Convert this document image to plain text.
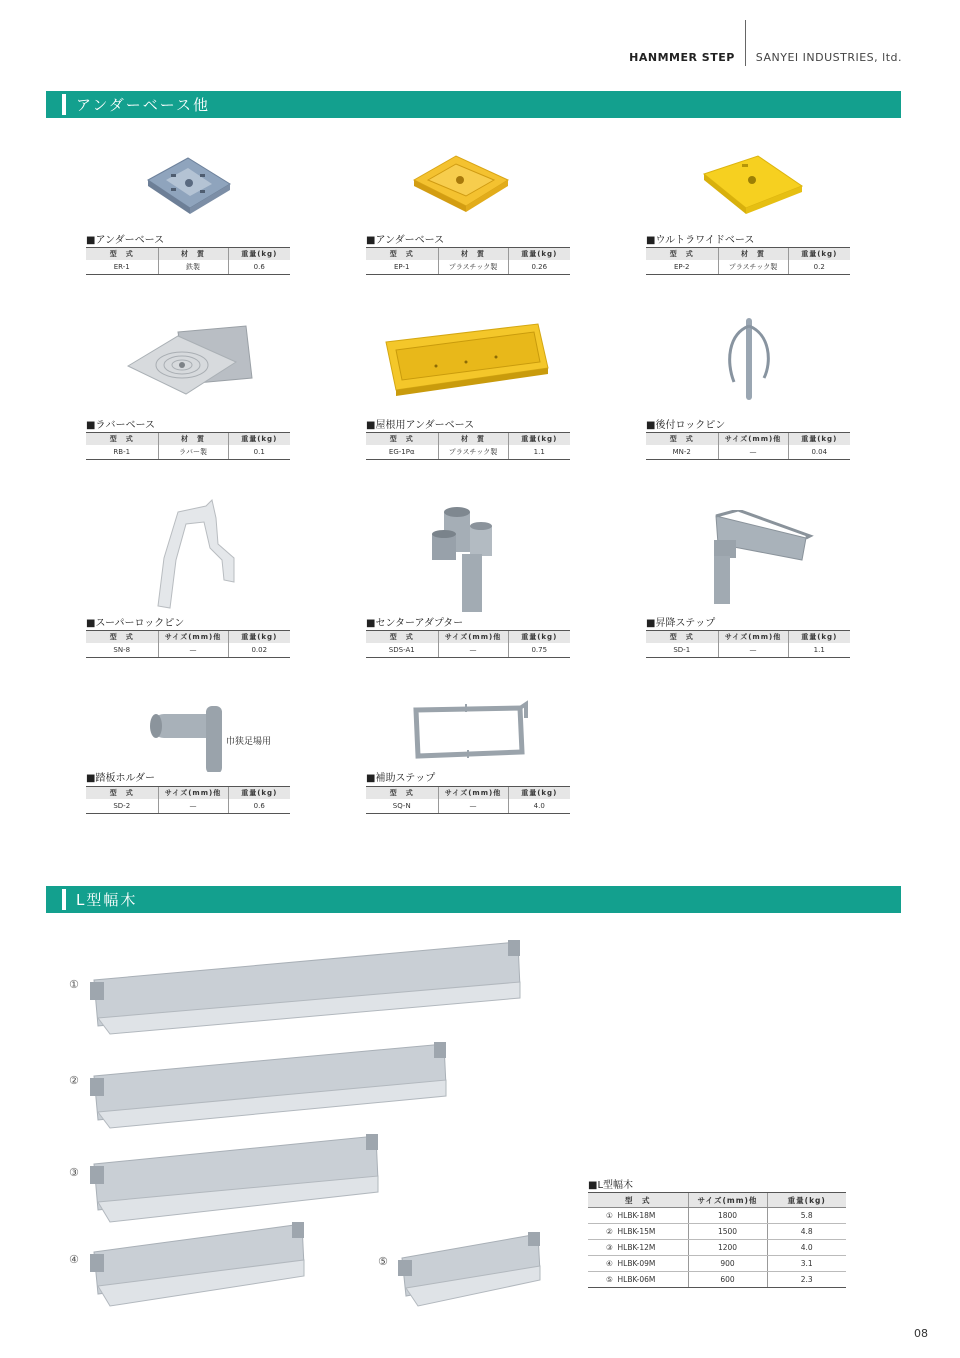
HANMMER STEP SANYEI INDUSTRIES, ltd.
アンダーベース他
■アンダーベース
型　式	材　質	重量(kg)
ER-1	鉄製	0.6
■アンダーベース
型　式	材　質	重量(kg)
EP-1	プラスチック製	0.26
■ウルトラワイドベース
型　式	材　質	重量(kg)
EP-2	プラスチック製	0.2
■ラバーベース
型　式	材　質	重量(kg)
RB-1	ラバー製	0.1
■屋根用アンダーベース
型　式	材　質	重量(kg)
EG-1Pα	プラスチック製	1.1
■後付ロックピン
型　式	サイズ(mm)他	重量(kg)
MN-2	—	0.04
■スーパーロックピン
型　式	サイズ(mm)他	重量(kg)
SN-8	—	0.02
■センターアダプター
型　式	サイズ(mm)他	重量(kg)
SDS-A1	—	0.75
■昇降ステップ
型　式	サイズ(mm)他	重量(kg)
SD-1	—	1.1
巾狭足場用
■踏板ホルダー
型　式	サイズ(mm)他	重量(kg)
SD-2	—	0.6
■補助ステップ
型　式	サイズ(mm)他	重量(kg)
SQ-N	—	4.0
L型幅木
①
②
③
④	⑤
■L型幅木
型　式	サイズ(mm)他	重量(kg)
① HLBK-18M	1800	5.8
② HLBK-15M	1500	4.8
③ HLBK-12M	1200	4.0
④ HLBK-09M	900	3.1
⑤ HLBK-06M	600	2.3
08
